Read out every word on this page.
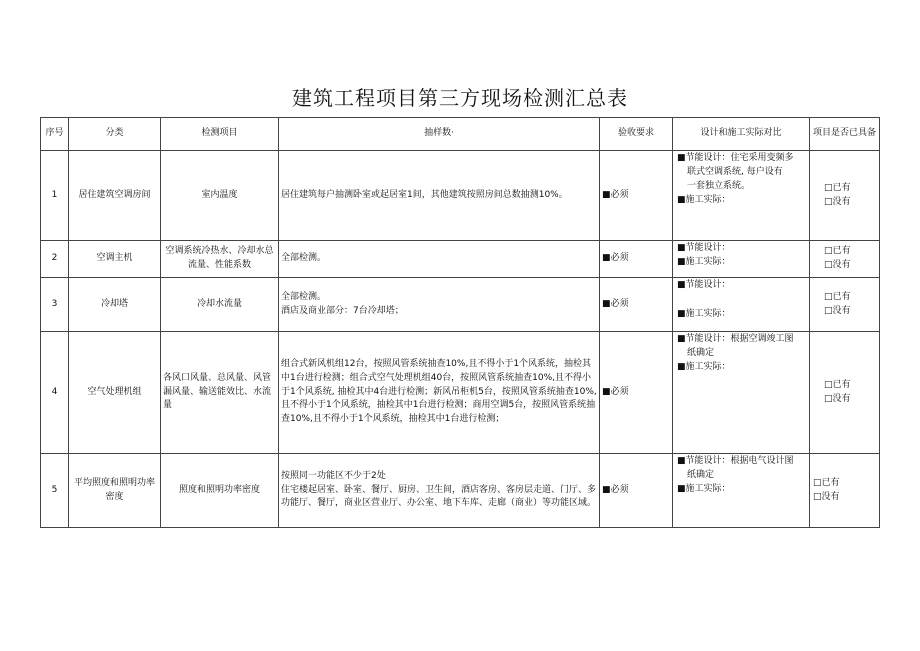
建筑工程项目第三方现场检测汇总表
序号	分类	检测项目	抽样数·	验收要求	设计和施工实际对比	项目是否已具备
1	居住建筑空调房间	室内温度	居住建筑每户抽测卧室或起居室1间，其他建筑按照房间总数抽测10%。	■必须	■节能设计：住宅采用变频多
联式空调系统, 每户设有
一套独立系统。
■施工实际：	□已有
□没有

2	空调主机	空调系统冷热水、冷却水总流量、性能系数	全部检测。	■必须	■节能设计：
■施工实际：	□已有
□没有

3	冷却塔	冷却水流量	全部检测。
酒店及商业部分：7台冷却塔；	■必须	■节能设计：
■施工实际：	□已有
□没有

4	空气处理机组	各风口风量、总风量、风管漏风量、输送能效比、水流量	组合式新风机组12台，按照风管系统抽查10%,且不得小于1个风系统，抽检其中1台进行检测；组合式空气处理机组40台，按照风管系统抽查10%,且不得小于1个风系统, 抽检其中4台进行检测；新风吊柜机5台，按照风管系统抽查10%,且不得小于1个风系统，抽检其中1台进行检测；商用空调5台，按照风管系统抽查10%,且不得小于1个风系统，抽检其中1台进行检测；	■必须	■节能设计：根据空调竣工图
纸确定
■施工实际：	□已有
□没有

5	平均照度和照明功率密度	照度和照明功率密度	按照同一功能区不少于2处
住宅楼起居室、卧室、餐厅、厨房、卫生间，酒店客房、客房层走道、门厅、多功能厅、餐厅，商业区营业厅、办公室、地下车库、走廊（商业）等功能区域。	■必须	■节能设计：根据电气设计图
纸确定
■施工实际：	□已有
□没有
